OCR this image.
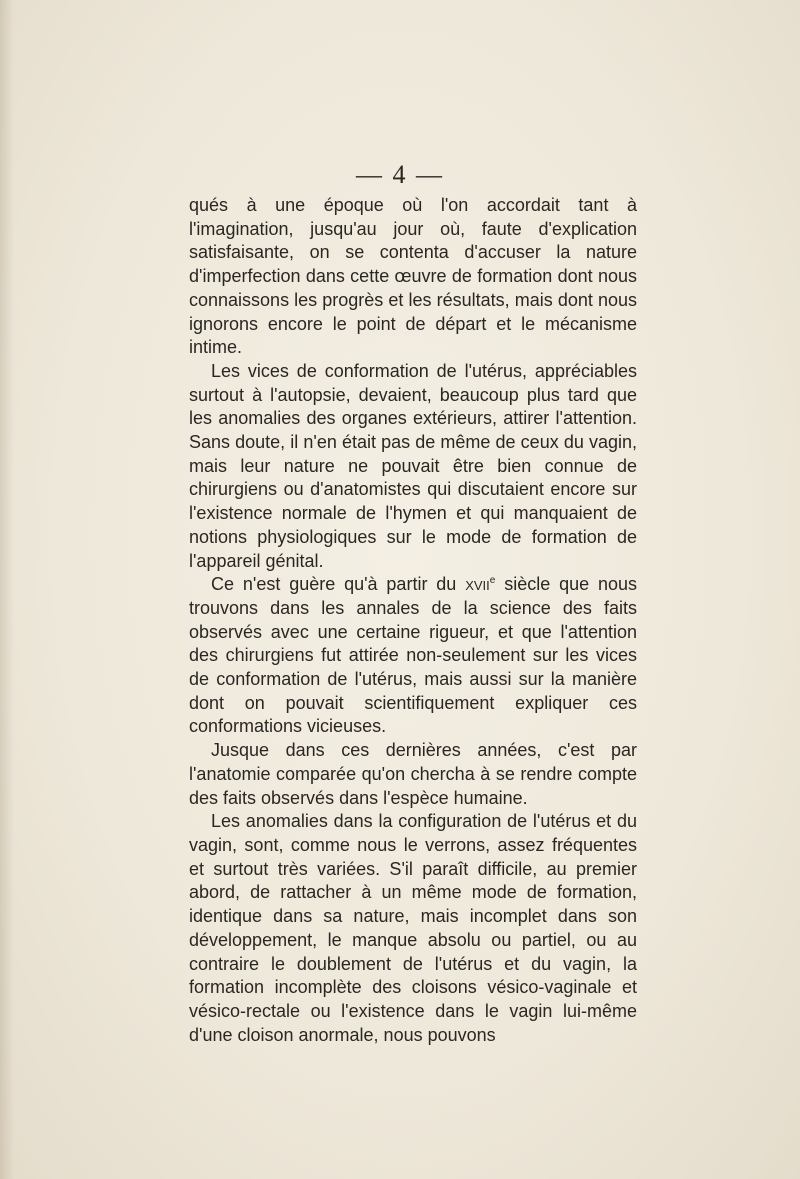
— 4 —

qués à une époque où l'on accordait tant à l'imagination, jusqu'au jour où, faute d'explication satisfaisante, on se contenta d'accuser la nature d'imperfection dans cette œuvre de formation dont nous connaissons les progrès et les résultats, mais dont nous ignorons encore le point de départ et le mécanisme intime.

Les vices de conformation de l'utérus, appréciables surtout à l'autopsie, devaient, beaucoup plus tard que les anomalies des organes extérieurs, attirer l'attention. Sans doute, il n'en était pas de même de ceux du vagin, mais leur nature ne pouvait être bien connue de chirurgiens ou d'anatomistes qui discutaient encore sur l'existence normale de l'hymen et qui manquaient de notions physiologiques sur le mode de formation de l'appareil génital.

Ce n'est guère qu'à partir du xvii$^e$ siècle que nous trouvons dans les annales de la science des faits observés avec une certaine rigueur, et que l'attention des chirurgiens fut attirée non-seulement sur les vices de conformation de l'utérus, mais aussi sur la manière dont on pouvait scientifiquement expliquer ces conformations vicieuses.

Jusque dans ces dernières années, c'est par l'anatomie comparée qu'on chercha à se rendre compte des faits observés dans l'espèce humaine.

Les anomalies dans la configuration de l'utérus et du vagin, sont, comme nous le verrons, assez fréquentes et surtout très variées. S'il paraît difficile, au premier abord, de rattacher à un même mode de formation, identique dans sa nature, mais incomplet dans son développement, le manque absolu ou partiel, ou au contraire le doublement de l'utérus et du vagin, la formation incomplète des cloisons vésico-vaginale et vésico-rectale ou l'existence dans le vagin lui-même d'une cloison anormale, nous pouvons
